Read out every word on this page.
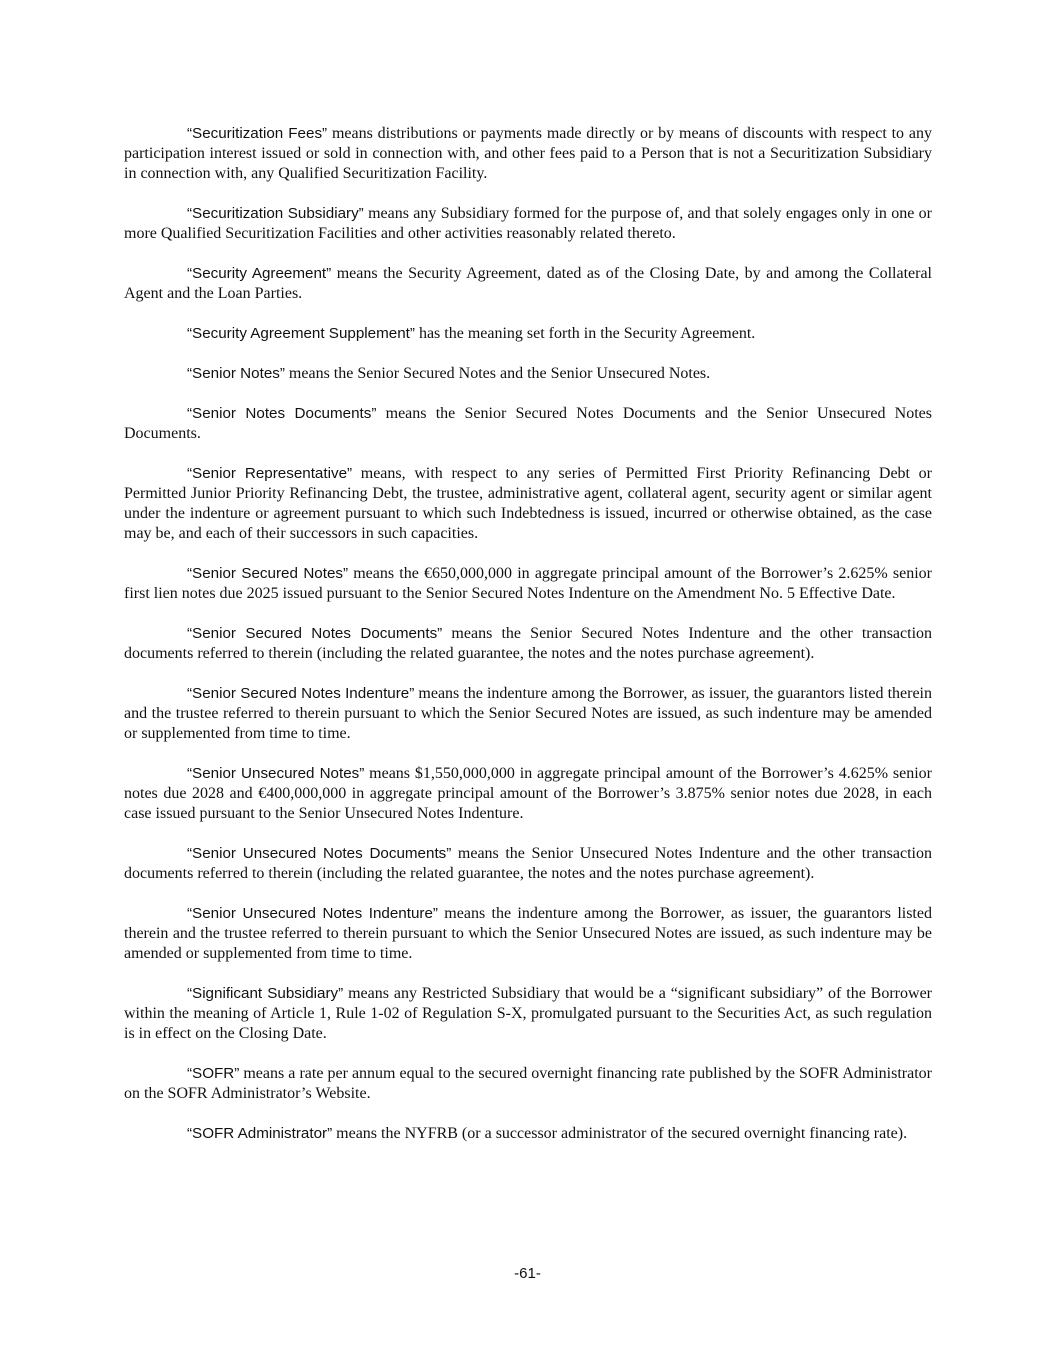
“Securitization Fees” means distributions or payments made directly or by means of discounts with respect to any participation interest issued or sold in connection with, and other fees paid to a Person that is not a Securitization Subsidiary in connection with, any Qualified Securitization Facility.

“Securitization Subsidiary” means any Subsidiary formed for the purpose of, and that solely engages only in one or more Qualified Securitization Facilities and other activities reasonably related thereto.

“Security Agreement” means the Security Agreement, dated as of the Closing Date, by and among the Collateral Agent and the Loan Parties.

“Security Agreement Supplement” has the meaning set forth in the Security Agreement.

“Senior Notes” means the Senior Secured Notes and the Senior Unsecured Notes.

“Senior Notes Documents” means the Senior Secured Notes Documents and the Senior Unsecured Notes Documents.

“Senior Representative” means, with respect to any series of Permitted First Priority Refinancing Debt or Permitted Junior Priority Refinancing Debt, the trustee, administrative agent, collateral agent, security agent or similar agent under the indenture or agreement pursuant to which such Indebtedness is issued, incurred or otherwise obtained, as the case may be, and each of their successors in such capacities.

“Senior Secured Notes” means the €650,000,000 in aggregate principal amount of the Borrower’s 2.625% senior first lien notes due 2025 issued pursuant to the Senior Secured Notes Indenture on the Amendment No. 5 Effective Date.

“Senior Secured Notes Documents” means the Senior Secured Notes Indenture and the other transaction documents referred to therein (including the related guarantee, the notes and the notes purchase agreement).

“Senior Secured Notes Indenture” means the indenture among the Borrower, as issuer, the guarantors listed therein and the trustee referred to therein pursuant to which the Senior Secured Notes are issued, as such indenture may be amended or supplemented from time to time.

“Senior Unsecured Notes” means $1,550,000,000 in aggregate principal amount of the Borrower’s 4.625% senior notes due 2028 and €400,000,000 in aggregate principal amount of the Borrower’s 3.875% senior notes due 2028, in each case issued pursuant to the Senior Unsecured Notes Indenture.

“Senior Unsecured Notes Documents” means the Senior Unsecured Notes Indenture and the other transaction documents referred to therein (including the related guarantee, the notes and the notes purchase agreement).

“Senior Unsecured Notes Indenture” means the indenture among the Borrower, as issuer, the guarantors listed therein and the trustee referred to therein pursuant to which the Senior Unsecured Notes are issued, as such indenture may be amended or supplemented from time to time.

“Significant Subsidiary” means any Restricted Subsidiary that would be a “significant subsidiary” of the Borrower within the meaning of Article 1, Rule 1-02 of Regulation S-X, promulgated pursuant to the Securities Act, as such regulation is in effect on the Closing Date.

“SOFR” means a rate per annum equal to the secured overnight financing rate published by the SOFR Administrator on the SOFR Administrator’s Website.

“SOFR Administrator” means the NYFRB (or a successor administrator of the secured overnight financing rate).

-61-
